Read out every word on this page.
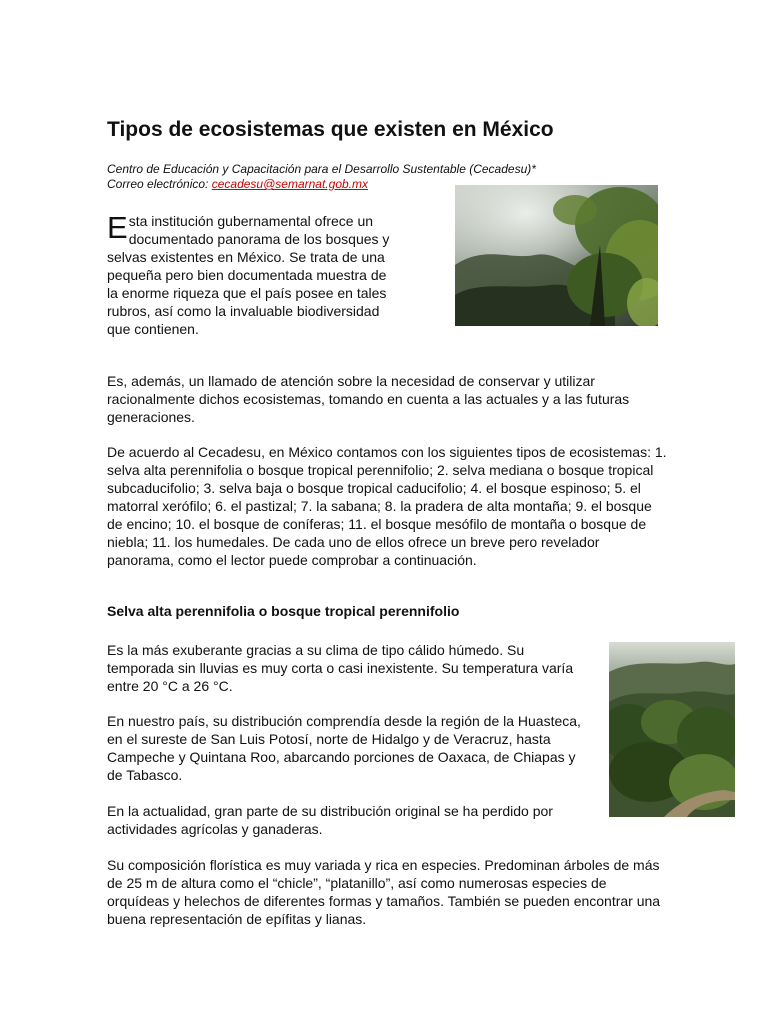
Tipos de ecosistemas que existen en México
Centro de Educación y Capacitación para el Desarrollo Sustentable (Cecadesu)*
Correo electrónico: cecadesu@semarnat.gob.mx

Esta institución gubernamental ofrece un documentado panorama de los bosques y selvas existentes en México. Se trata de una pequeña pero bien documentada muestra de la enorme riqueza que el país posee en tales rubros, así como la invaluable biodiversidad que contienen.

Es, además, un llamado de atención sobre la necesidad de conservar y utilizar racionalmente dichos ecosistemas, tomando en cuenta a las actuales y a las futuras generaciones.

De acuerdo al Cecadesu, en México contamos con los siguientes tipos de ecosistemas: 1. selva alta perennifolia o bosque tropical perennifolio; 2. selva mediana o bosque tropical subcaducifolio; 3. selva baja o bosque tropical caducifolio; 4. el bosque espinoso; 5. el matorral xerófilo; 6. el pastizal; 7. la sabana; 8. la pradera de alta montaña; 9. el bosque de encino; 10. el bosque de coníferas; 11. el bosque mesófilo de montaña o bosque de niebla; 11. los humedales. De cada uno de ellos ofrece un breve pero revelador panorama, como el lector puede comprobar a continuación.

Selva alta perennifolia o bosque tropical perennifolio

Es la más exuberante gracias a su clima de tipo cálido húmedo. Su temporada sin lluvias es muy corta o casi inexistente. Su temperatura varía entre 20 °C a 26 °C.

En nuestro país, su distribución comprendía desde la región de la Huasteca, en el sureste de San Luis Potosí, norte de Hidalgo y de Veracruz, hasta Campeche y Quintana Roo, abarcando porciones de Oaxaca, de Chiapas y de Tabasco.

En la actualidad, gran parte de su distribución original se ha perdido por actividades agrícolas y ganaderas.

Su composición florística es muy variada y rica en especies. Predominan árboles de más de 25 m de altura como el “chicle”, “platanillo”, así como numerosas especies de orquídeas y helechos de diferentes formas y tamaños. También se pueden encontrar una buena representación de epífitas y lianas.
